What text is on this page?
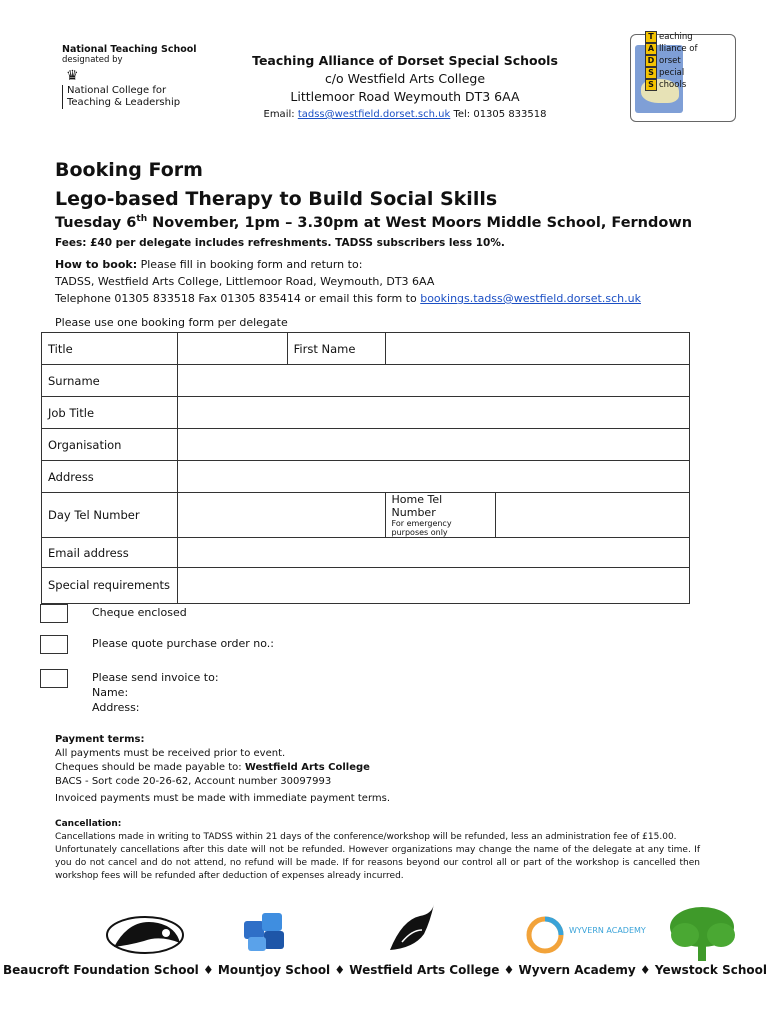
National Teaching School
designated by
♛
National College for
Teaching & Leadership
Teaching Alliance of Dorset Special Schools
c/o Westfield Arts College
Littlemoor Road Weymouth DT3 6AA
Email: tadss@westfield.dorset.sch.uk Tel: 01305 833518
T eaching
A lliance of
D orset
S pecial
S chools
Booking Form
Lego-based Therapy to Build Social Skills
Tuesday 6th November, 1pm – 3.30pm at West Moors Middle School, Ferndown
Fees: £40 per delegate includes refreshments. TADSS subscribers less 10%.
How to book: Please fill in booking form and return to:
TADSS, Westfield Arts College, Littlemoor Road, Weymouth, DT3 6AA
Telephone 01305 833518 Fax 01305 835414 or email this form to bookings.tadss@westfield.dorset.sch.uk
Please use one booking form per delegate
Title		First Name		
Surname				
Job Title				
Organisation				
Address				
Day Tel Number			Home Tel Number
For emergency purposes only	

Email address				
Special requirements				
Cheque enclosed
Please quote purchase order no.:
Please send invoice to:
Name:
Address:
Payment terms:
All payments must be received prior to event.
Cheques should be made payable to: Westfield Arts College
BACS - Sort code 20-26-62, Account number 30097993
Invoiced payments must be made with immediate payment terms.
Cancellation:
Cancellations made in writing to TADSS within 21 days of the conference/workshop will be refunded, less an administration fee of £15.00.
Unfortunately cancellations after this date will not be refunded. However organizations may change the name of the delegate at any time. If you do not cancel and do not attend, no refund will be made. If for reasons beyond our control all or part of the workshop is cancelled then workshop fees will be refunded after deduction of expenses already incurred.
WYVERN ACADEMY
Beaucroft Foundation School ♦ Mountjoy School ♦ Westfield Arts College ♦ Wyvern Academy ♦ Yewstock School
